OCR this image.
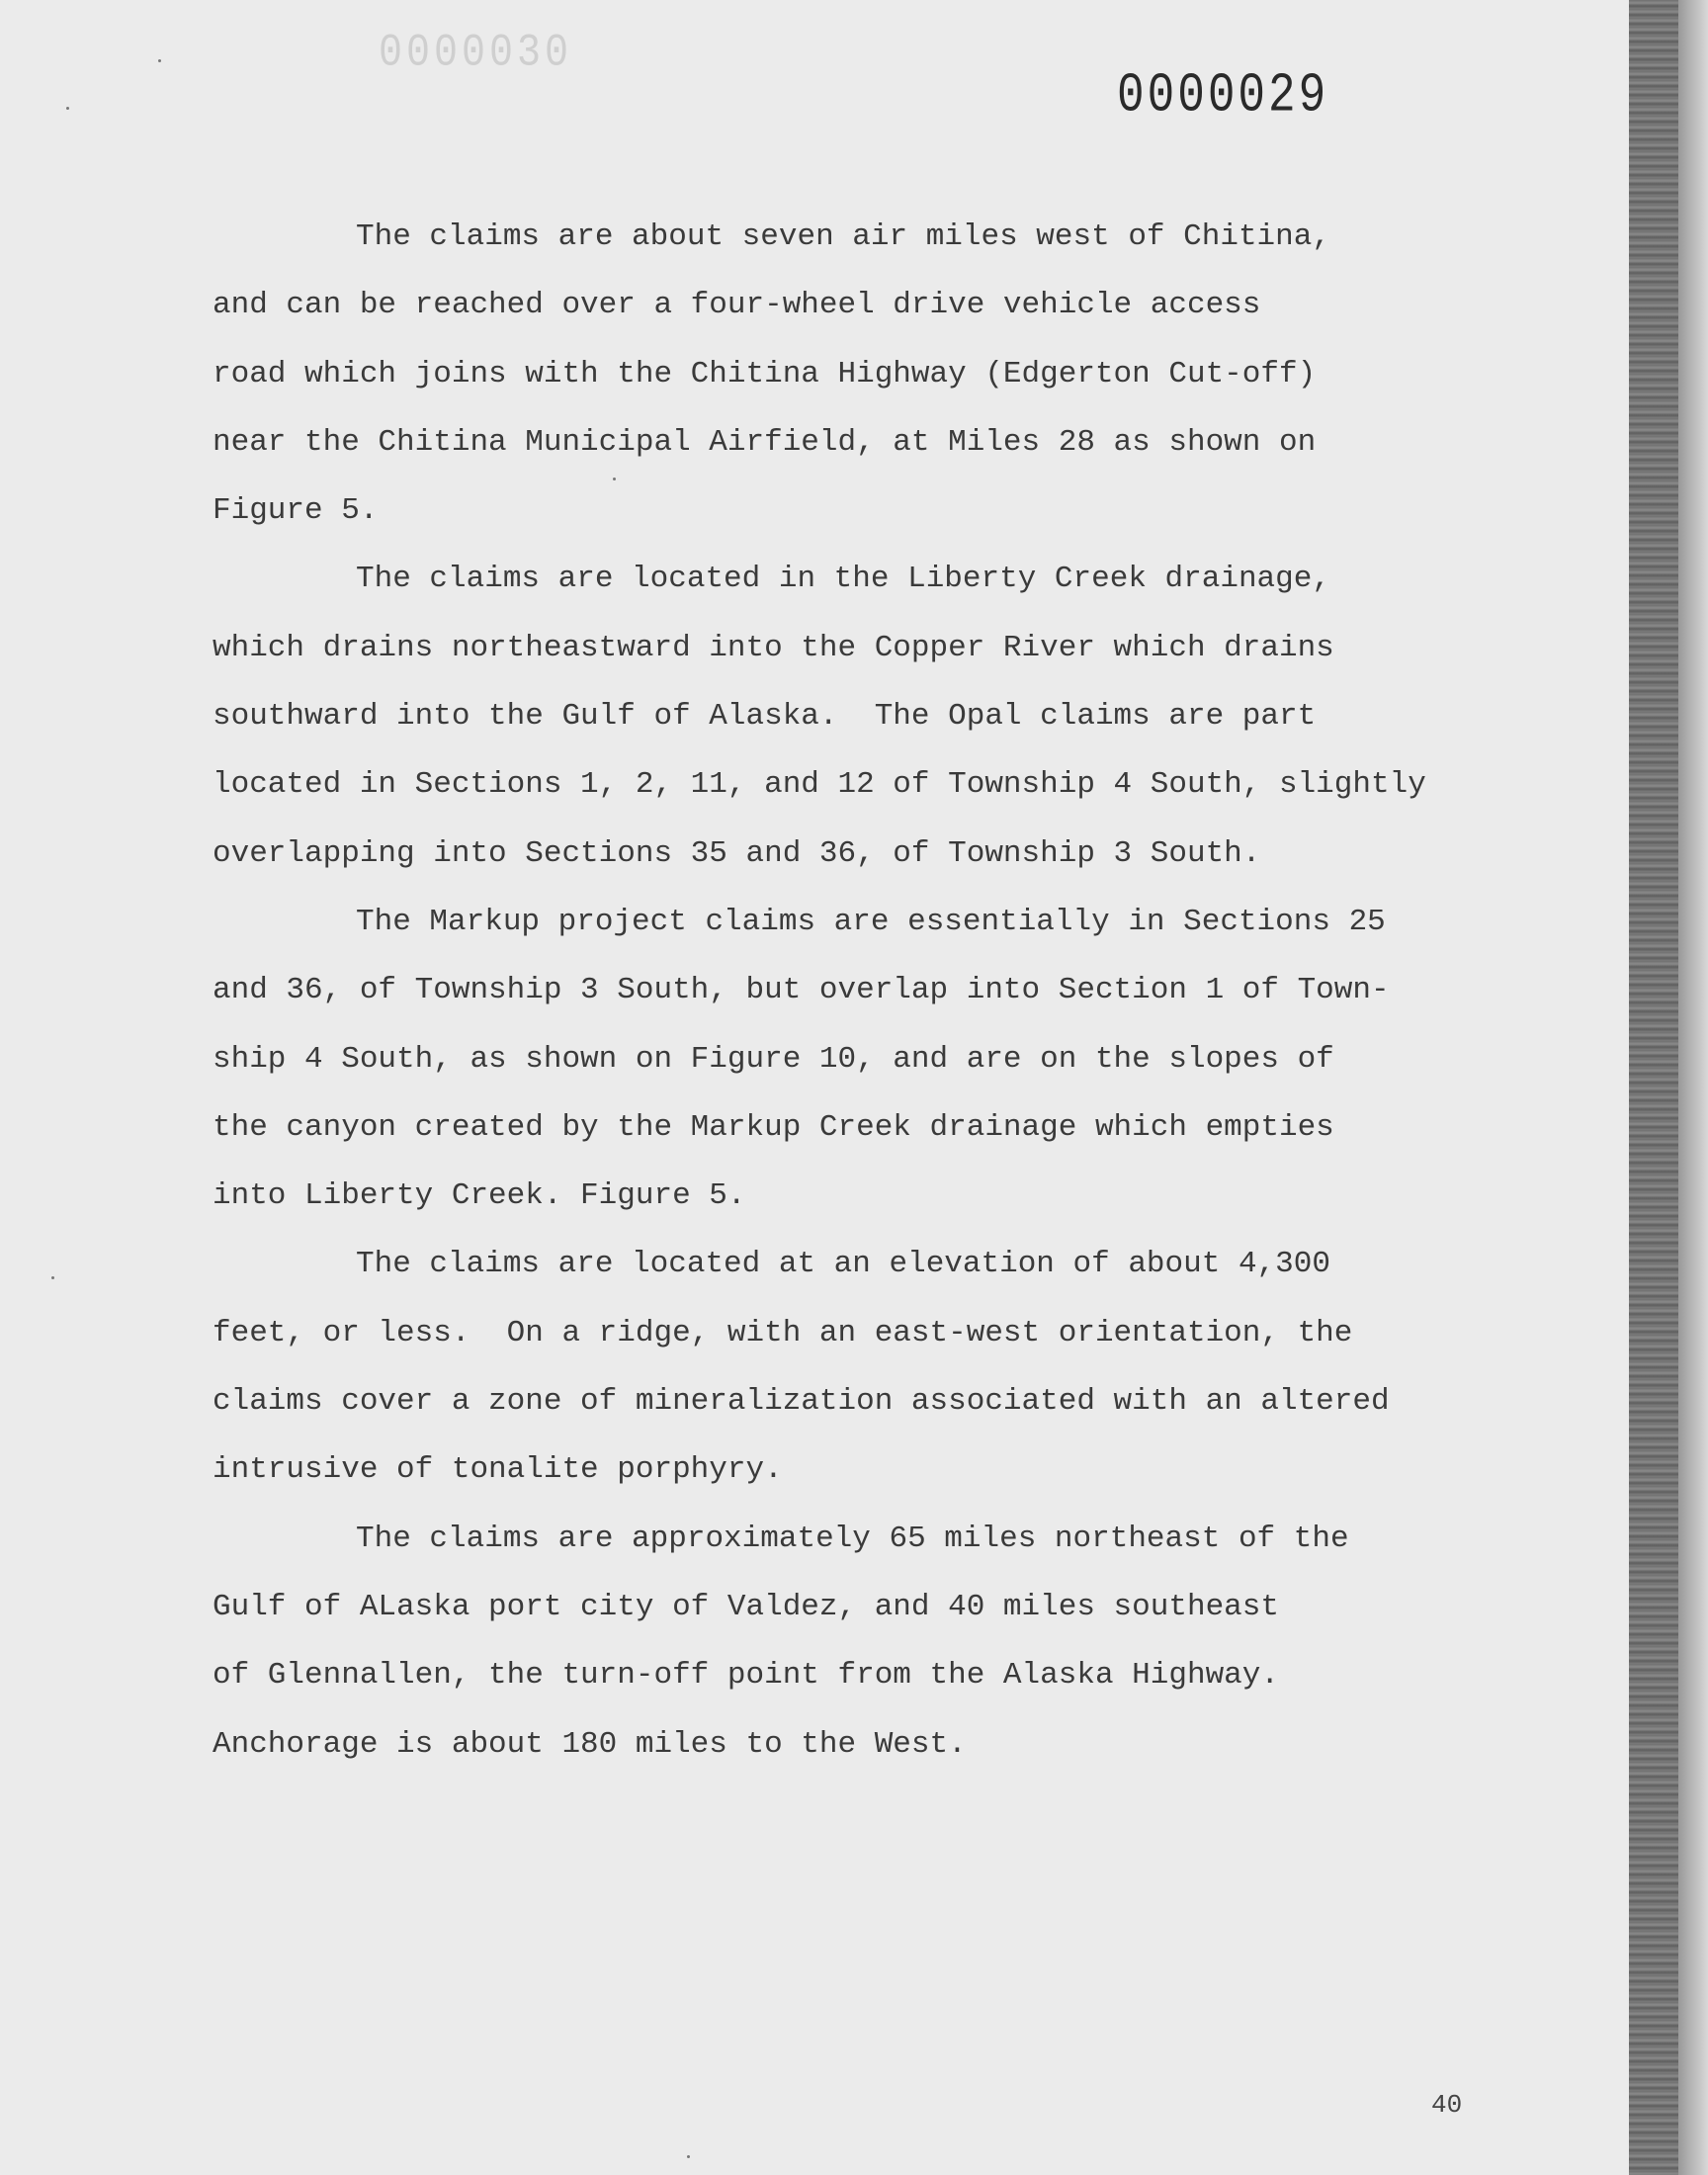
0000030
0000029
The claims are about seven air miles west of Chitina,
and can be reached over a four-wheel drive vehicle access
road which joins with the Chitina Highway (Edgerton Cut-off)
near the Chitina Municipal Airfield, at Miles 28 as shown on
Figure 5.
The claims are located in the Liberty Creek drainage,
which drains northeastward into the Copper River which drains
southward into the Gulf of Alaska.  The Opal claims are part
located in Sections 1, 2, 11, and 12 of Township 4 South, slightly
overlapping into Sections 35 and 36, of Township 3 South.
The Markup project claims are essentially in Sections 25
and 36, of Township 3 South, but overlap into Section 1 of Town-
ship 4 South, as shown on Figure 10, and are on the slopes of
the canyon created by the Markup Creek drainage which empties
into Liberty Creek. Figure 5.
The claims are located at an elevation of about 4,300
feet, or less.  On a ridge, with an east-west orientation, the
claims cover a zone of mineralization associated with an altered
intrusive of tonalite porphyry.
The claims are approximately 65 miles northeast of the
Gulf of ALaska port city of Valdez, and 40 miles southeast
of Glennallen, the turn-off point from the Alaska Highway.
Anchorage is about 180 miles to the West.
40
